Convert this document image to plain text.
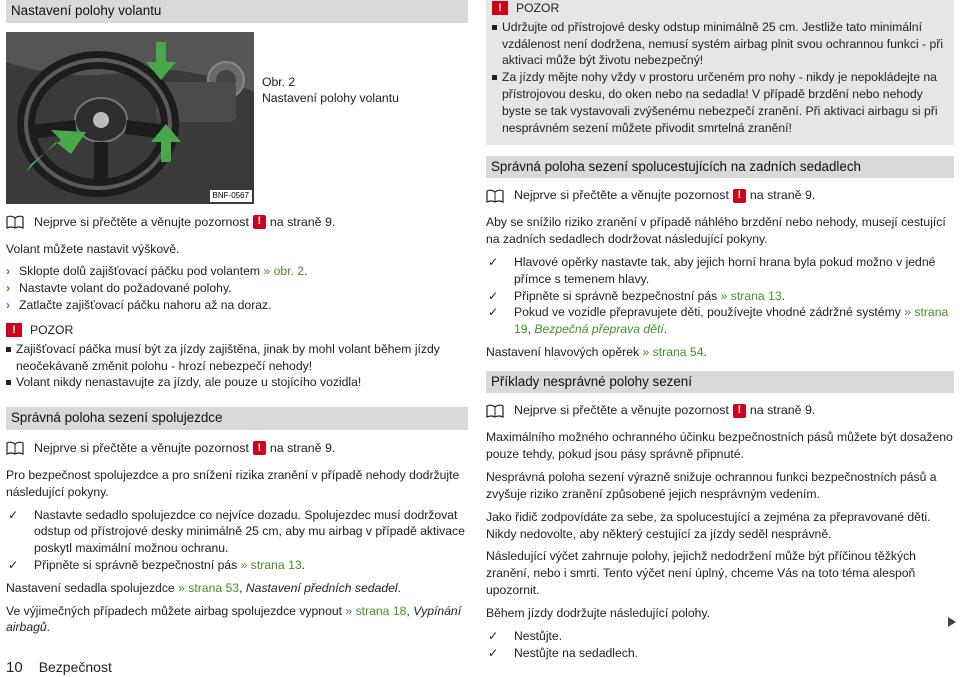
Nastavení polohy volantu
BNF-0567
Obr. 2
Nastavení polohy volantu
Nejprve si přečtěte a věnujte pozornost ! na straně 9.

Volant můžete nastavit výškově.

› Sklopte dolů zajišťovací páčku pod volantem » obr. 2.
› Nastavte volant do požadované polohy.
› Zatlačte zajišťovací páčku nahoru až na doraz.
!	POZOR
Zajišťovací páčka musí být za jízdy zajištěna, jinak by mohl volant během jízdy neočekávaně změnit polohu - hrozí nebezpečí nehody!
Volant nikdy nenastavujte za jízdy, ale pouze u stojícího vozidla!
Správná poloha sezení spolujezdce
Nejprve si přečtěte a věnujte pozornost ! na straně 9.

Pro bezpečnost spolujezdce a pro snížení rizika zranění v případě nehody dodržujte následující pokyny.

✓	Nastavte sedadlo spolujezdce co nejvíce dozadu. Spolujezdec musí dodržovat odstup od přístrojové desky minimálně 25 cm, aby mu airbag v případě aktivace poskytl maximální možnou ochranu.
✓	Připněte si správně bezpečnostní pás » strana 13.

Nastavení sedadla spolujezdce » strana 53, Nastavení předních sedadel.

Ve výjimečných případech můžete airbag spolujezdce vypnout » strana 18, Vypínání airbagů.

!	POZOR
Udržujte od přístrojové desky odstup minimálně 25 cm. Jestliže tato minimální vzdálenost není dodržena, nemusí systém airbag plnit svou ochrannou funkci - při aktivaci může být životu nebezpečný!
Za jízdy mějte nohy vždy v prostoru určeném pro nohy - nikdy je nepokládejte na přístrojovou desku, do oken nebo na sedadla! V případě brzdění nebo nehody byste se tak vystavovali zvýšenému nebezpečí zranění. Při aktivaci airbagu si při nesprávném sezení můžete přivodit smrtelná zranění!
Správná poloha sezení spolucestujících na zadních sedadlech
Nejprve si přečtěte a věnujte pozornost ! na straně 9.

Aby se snížilo riziko zranění v případě náhlého brzdění nebo nehody, musejí cestující na zadních sedadlech dodržovat následující pokyny.

✓	Hlavové opěrky nastavte tak, aby jejich horní hrana byla pokud možno v jedné přímce s temenem hlavy.
✓	Připněte si správně bezpečnostní pás » strana 13.
✓	Pokud ve vozidle přepravujete děti, používejte vhodné zádržné systémy » strana 19, Bezpečná přeprava dětí.

Nastavení hlavových opěrek » strana 54.

Příklady nesprávné polohy sezení
Nejprve si přečtěte a věnujte pozornost ! na straně 9.

Maximálního možného ochranného účinku bezpečnostních pásů můžete být dosaženo pouze tehdy, pokud jsou pásy správně připnuté.

Nesprávná poloha sezení výrazně snižuje ochrannou funkci bezpečnostních pásů a zvyšuje riziko zranění způsobené jejich nesprávným vedením.

Jako řidič zodpovídáte za sebe, za spolucestující a zejména za přepravované děti. Nikdy nedovolte, aby některý cestující za jízdy seděl nesprávně.

Následující výčet zahrnuje polohy, jejichž nedodržení může být příčinou těžkých zranění, nebo i smrti. Tento výčet není úplný, chceme Vás na toto téma alespoň upozornit.

Během jízdy dodržujte následující polohy.

✓	Nestůjte.
✓	Nestůjte na sedadlech.
10 Bezpečnost
